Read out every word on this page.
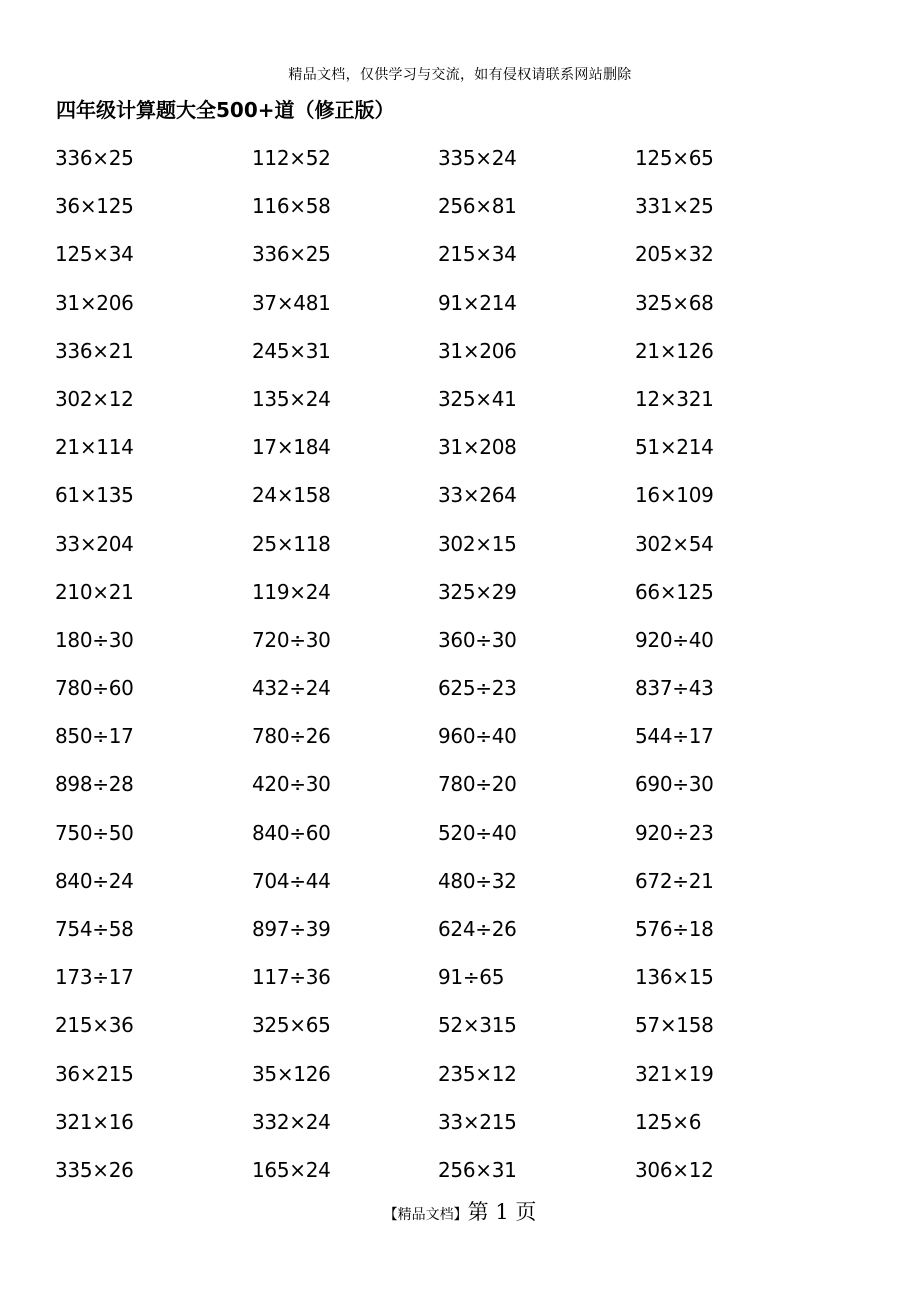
精品文档，仅供学习与交流，如有侵权请联系网站删除
四年级计算题大全500+道（修正版）
336×25	112×52	335×24	125×65
36×125	116×58	256×81	331×25
125×34	336×25	215×34	205×32
31×206	37×481	91×214	325×68
336×21	245×31	31×206	21×126
302×12	135×24	325×41	12×321
21×114	17×184	31×208	51×214
61×135	24×158	33×264	16×109
33×204	25×118	302×15	302×54
210×21	119×24	325×29	66×125
180÷30	720÷30	360÷30	920÷40
780÷60	432÷24	625÷23	837÷43
850÷17	780÷26	960÷40	544÷17
898÷28	420÷30	780÷20	690÷30
750÷50	840÷60	520÷40	920÷23
840÷24	704÷44	480÷32	672÷21
754÷58	897÷39	624÷26	576÷18
173÷17	117÷36	91÷65	136×15
215×36	325×65	52×315	57×158
36×215	35×126	235×12	321×19
321×16	332×24	33×215	125×6
335×26	165×24	256×31	306×12
【精品文档】第 1 页
